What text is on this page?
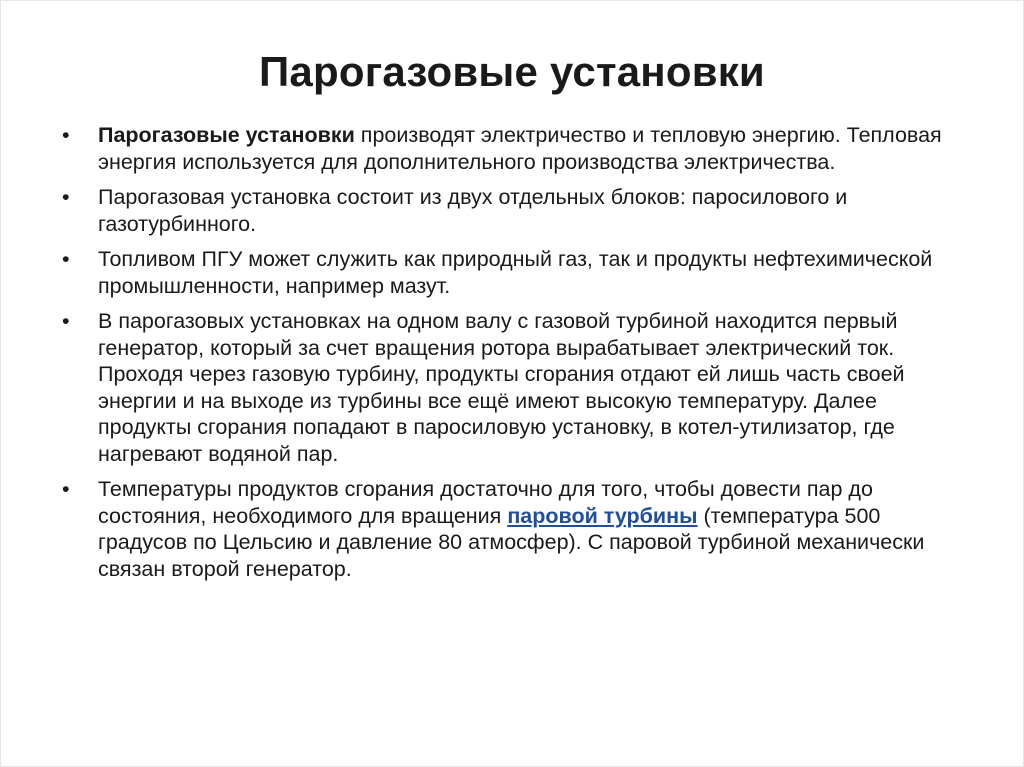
Парогазовые установки
•	Парогазовые установки производят электричество и тепловую энергию. Тепловая энергия используется для дополнительного производства электричества.
•	Парогазовая установка состоит из двух отдельных блоков: паросилового и газотурбинного.
•	Топливом ПГУ может служить как природный газ, так и продукты нефтехимической промышленности, например мазут.
•	В парогазовых установках на одном валу с газовой турбиной находится первый генератор, который за счет вращения ротора вырабатывает электрический ток. Проходя через газовую турбину, продукты сгорания отдают ей лишь часть своей энергии и на выходе из турбины все ещё имеют высокую температуру. Далее продукты сгорания попадают в паросиловую установку, в котел-утилизатор, где нагревают водяной пар.
•	Температуры продуктов сгорания достаточно для того, чтобы довести пар до состояния, необходимого для вращения паровой турбины (температура 500 градусов по Цельсию и давление 80 атмосфер). С паровой турбиной механически связан второй генератор.
